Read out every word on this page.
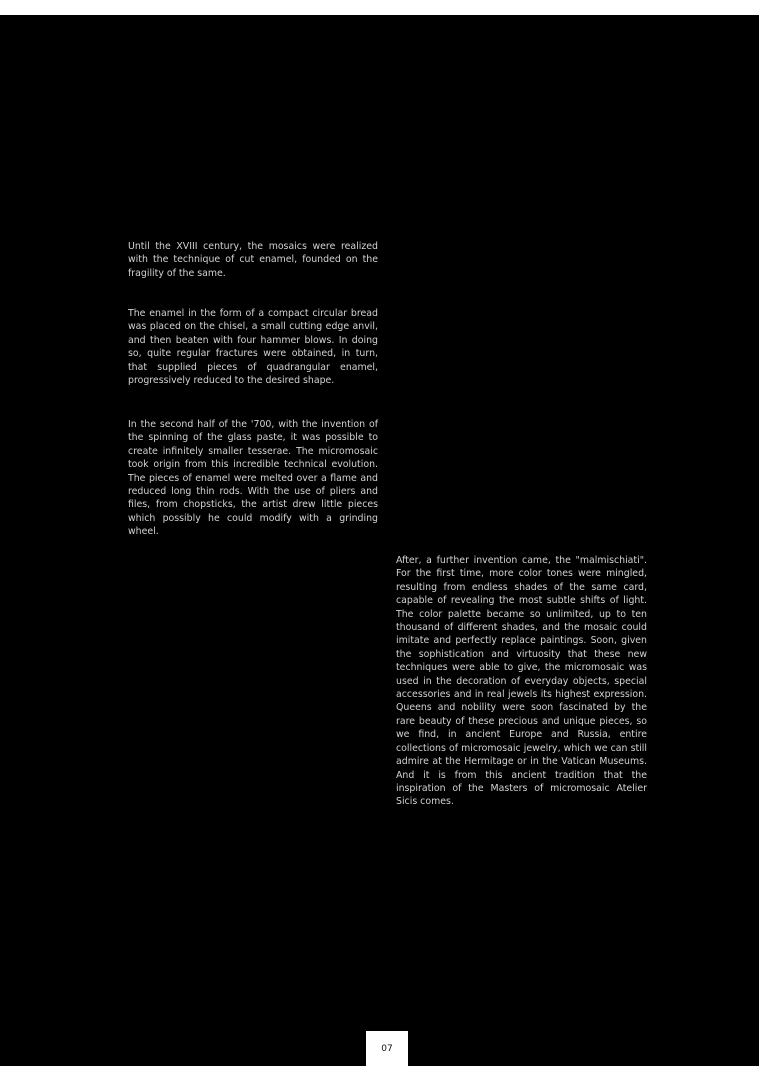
Until the XVIII century, the mosaics were realized with the technique of cut enamel, founded on the fragility of the same.

The enamel in the form of a compact circular bread was placed on the chisel, a small cutting edge anvil, and then beaten with four hammer blows. In doing so, quite regular fractures were obtained, in turn, that supplied pieces of quadrangular enamel, progressively reduced to the desired shape.

In the second half of the '700, with the invention of the spinning of the glass paste, it was possible to create infinitely smaller tesserae. The micromosaic took origin from this incredible technical evolution. The pieces of enamel were melted over a flame and reduced long thin rods. With the use of pliers and files, from chopsticks, the artist drew little pieces which possibly he could modify with a grinding wheel.

After, a further invention came, the "malmischiati". For the first time, more color tones were mingled, resulting from endless shades of the same card, capable of revealing the most subtle shifts of light. The color palette became so unlimited, up to ten thousand of different shades, and the mosaic could imitate and perfectly replace paintings. Soon, given the sophistication and virtuosity that these new techniques were able to give, the micromosaic was used in the decoration of everyday objects, special accessories and in real jewels its highest expression. Queens and nobility were soon fascinated by the rare beauty of these precious and unique pieces, so we find, in ancient Europe and Russia, entire collections of micromosaic jewelry, which we can still admire at the Hermitage or in the Vatican Museums. And it is from this ancient tradition that the inspiration of the Masters of micromosaic Atelier Sicis comes.

07
